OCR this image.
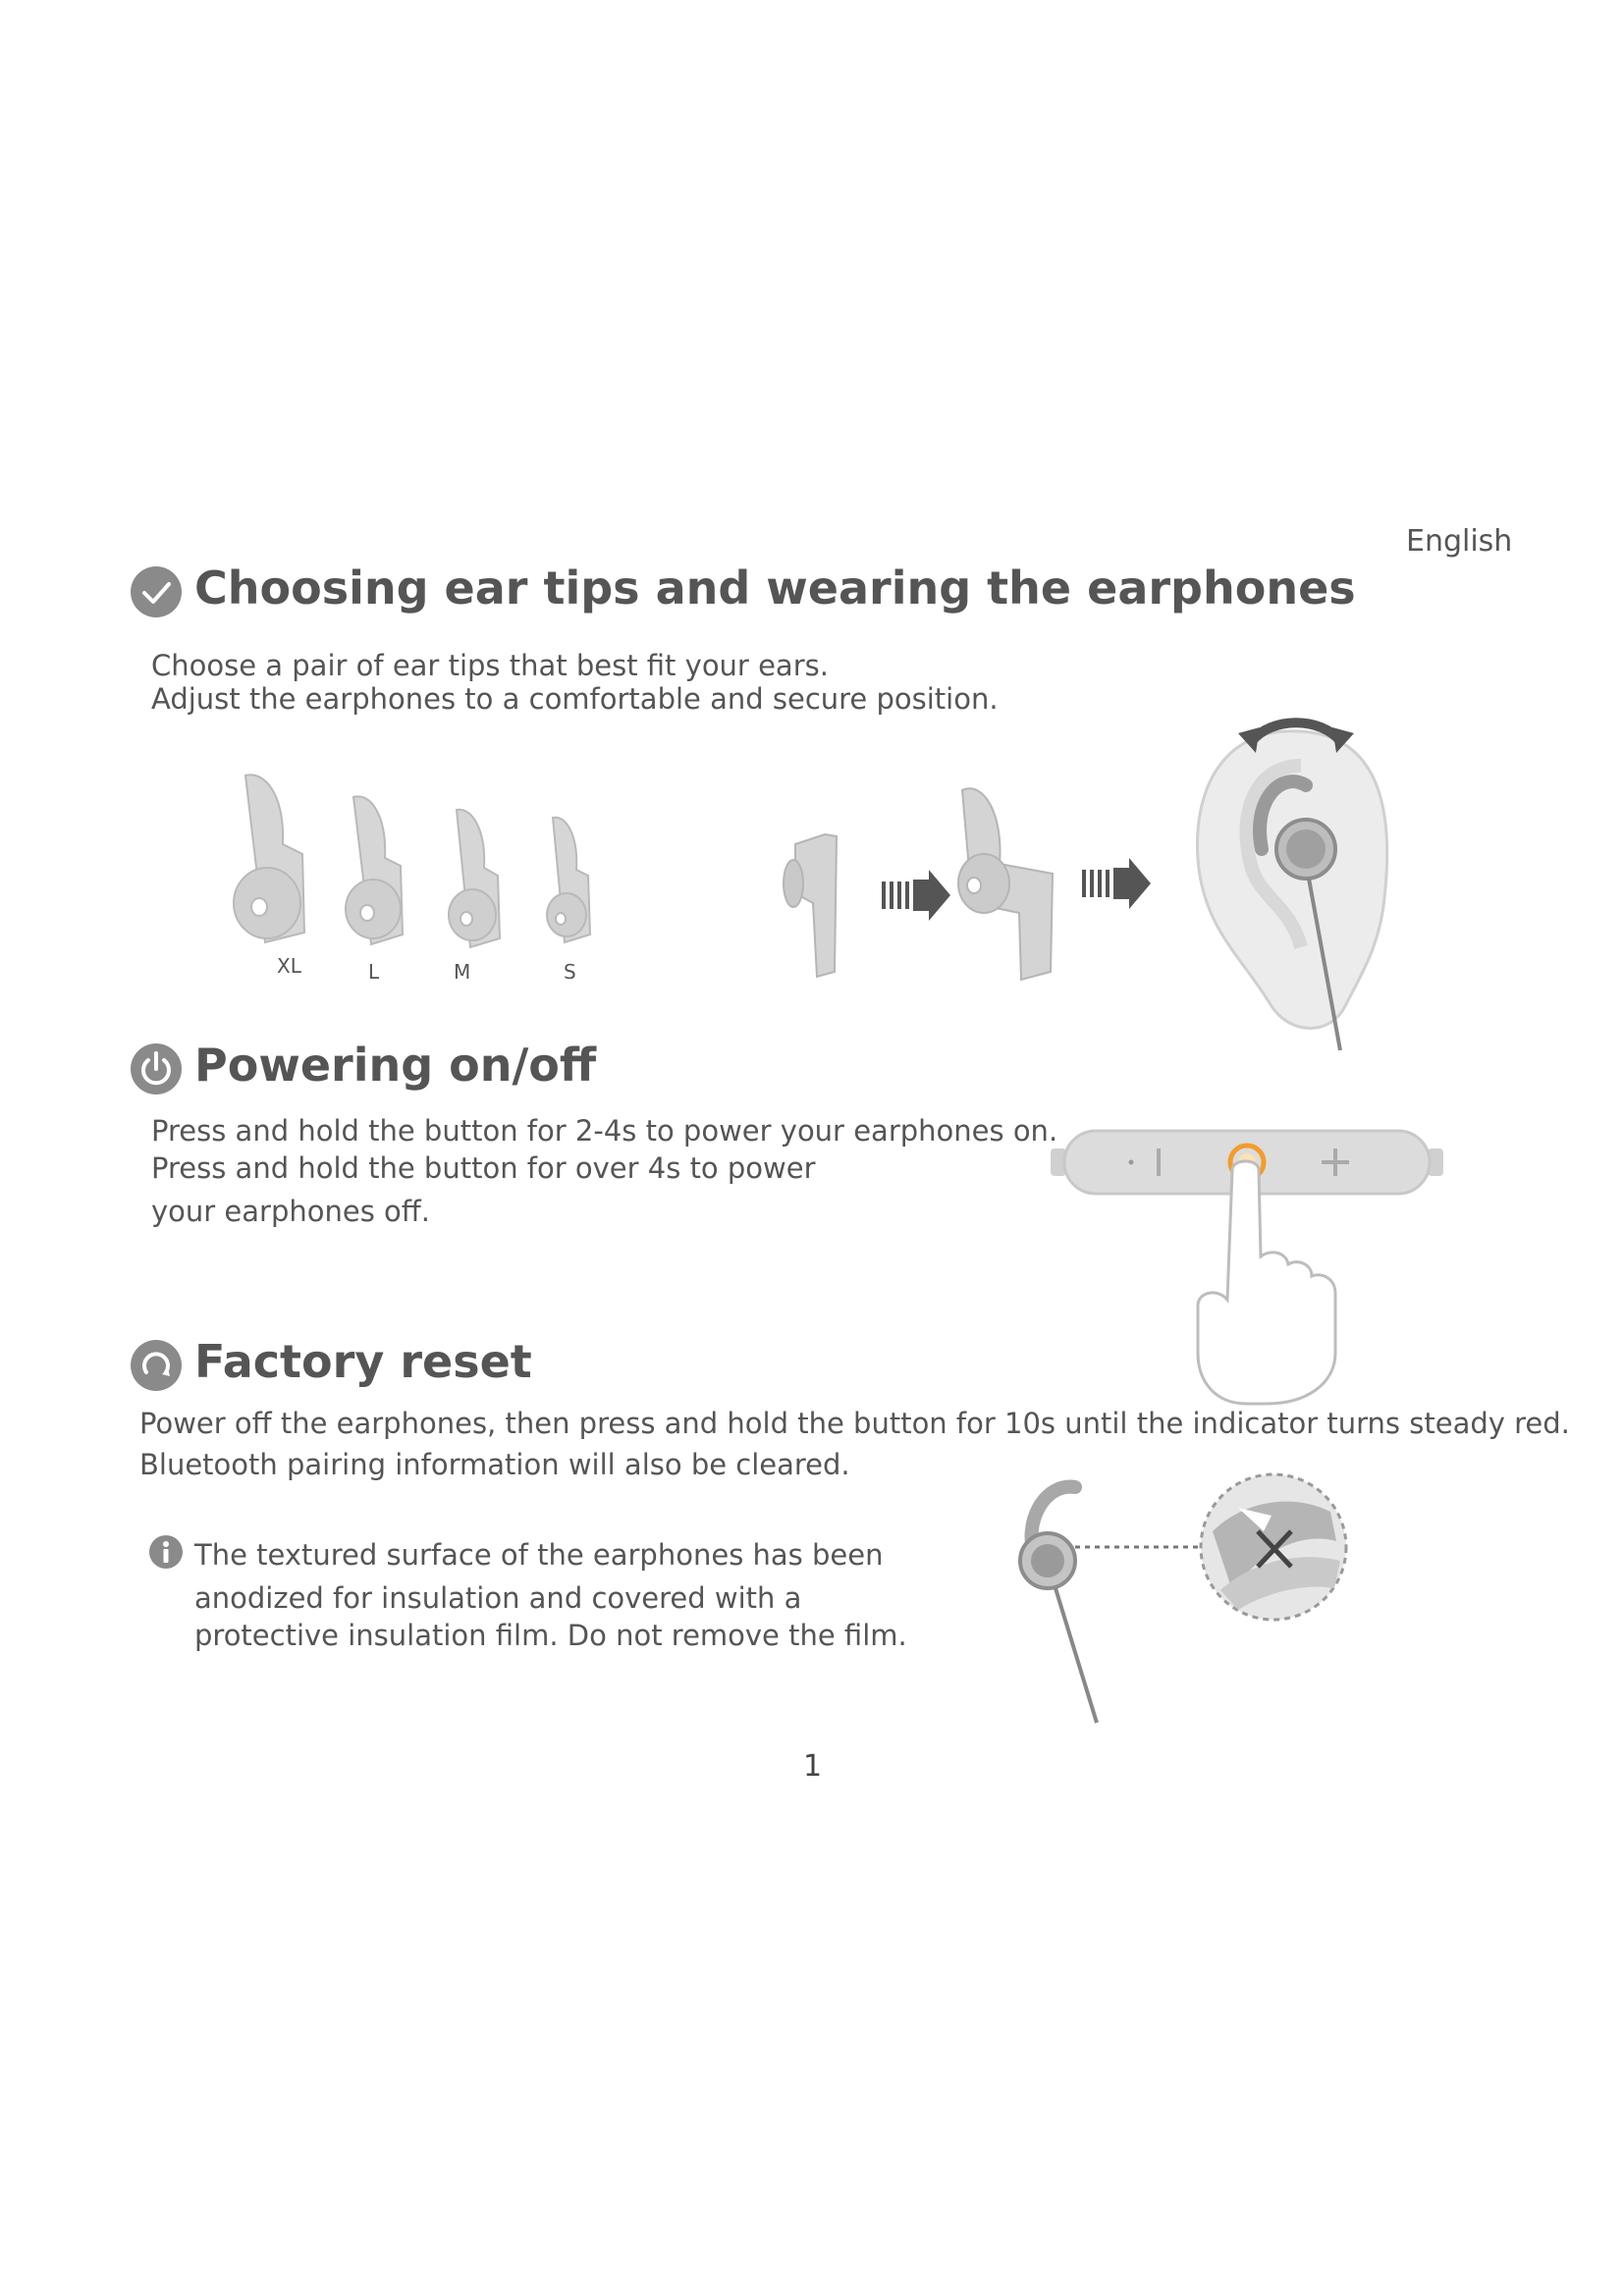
English
Choosing ear tips and wearing the earphones
Choose a pair of ear tips that best fit your ears.
Adjust the earphones to a comfortable and secure position.
XL	L	M	S
Powering on/off
Press and hold the button for 2-4s to power your earphones on.
Press and hold the button for over 4s to power
your earphones off.
Factory reset
Power off the earphones, then press and hold the button for 10s until the indicator turns steady red.
Bluetooth pairing information will also be cleared.
The textured surface of the earphones has been
anodized for insulation and covered with a
protective insulation film. Do not remove the film.
1
